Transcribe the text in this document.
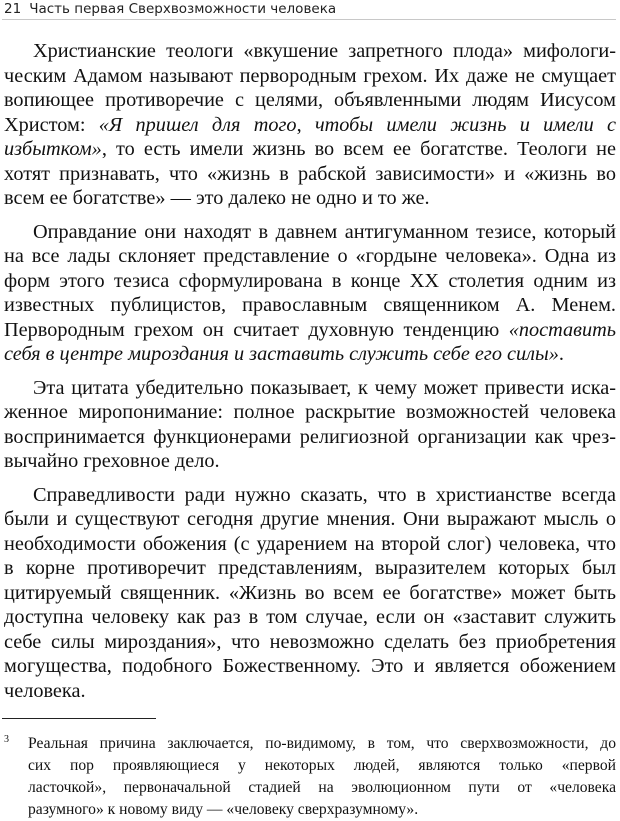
21 Часть первая Сверхвозможности человека
Христианские теологи «вкушение запретного плода» мифологи-
ческим Адамом называют первородным грехом. Их даже не смущает
вопиющее противоречие с целями, объявленными людям Иисусом
Христом: «Я пришел для того, чтобы имели жизнь и имели с
избытком», то есть имели жизнь во всем ее богатстве. Теологи не
хотят признавать, что «жизнь в рабской зависимости» и «жизнь во
всем ее богатстве» — это далеко не одно и то же.
Оправдание они находят в давнем антигуманном тезисе, который
на все лады склоняет представление о «гордыне человека». Одна из
форм этого тезиса сформулирована в конце XX столетия одним из
известных публицистов, православным священником А. Менем.
Первородным грехом он считает духовную тенденцию «поставить
себя в центре мироздания и заставить служить себе его силы».
Эта цитата убедительно показывает, к чему может привести иска-
женное миропонимание: полное раскрытие возможностей человека
воспринимается функционерами религиозной организации как чрез-
вычайно греховное дело.
Справедливости ради нужно сказать, что в христианстве всегда
были и существуют сегодня другие мнения. Они выражают мысль о
необходимости обожения (с ударением на второй слог) человека, что
в корне противоречит представлениям, выразителем которых был
цитируемый священник. «Жизнь во всем ее богатстве» может быть
доступна человеку как раз в том случае, если он «заставит служить
себе силы мироздания», что невозможно сделать без приобретения
могущества, подобного Божественному. Это и является обожением
человека.
3	Реальная причина заключается, по-видимому, в том, что сверхвозможности, до
сих пор проявляющиеся у некоторых людей, являются только «первой
ласточкой», первоначальной стадией на эволюционном пути от «человека
разумного» к новому виду — «человеку сверхразумному».
